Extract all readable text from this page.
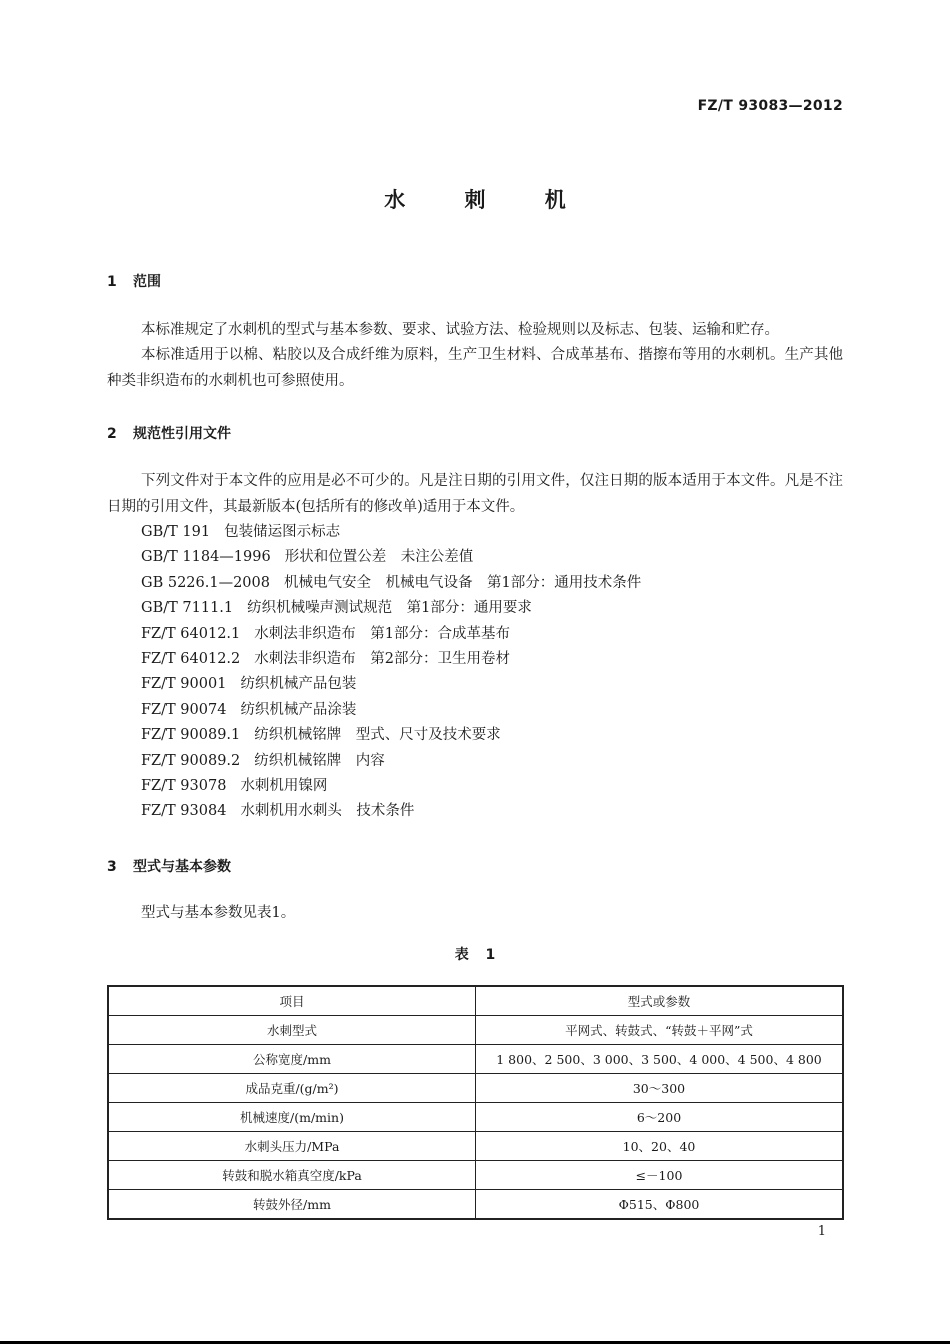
FZ/T 93083—2012
水 刺 机
1 范围
本标准规定了水刺机的型式与基本参数、要求、试验方法、检验规则以及标志、包装、运输和贮存。
本标准适用于以棉、粘胶以及合成纤维为原料，生产卫生材料、合成革基布、揩擦布等用的水刺机。生产其他种类非织造布的水刺机也可参照使用。
2 规范性引用文件
下列文件对于本文件的应用是必不可少的。凡是注日期的引用文件，仅注日期的版本适用于本文件。凡是不注日期的引用文件，其最新版本(包括所有的修改单)适用于本文件。
GB/T 191 包装储运图示标志
GB/T 1184—1996 形状和位置公差　未注公差值
GB 5226.1—2008 机械电气安全　机械电气设备　第1部分：通用技术条件
GB/T 7111.1 纺织机械噪声测试规范　第1部分：通用要求
FZ/T 64012.1 水刺法非织造布　第1部分：合成革基布
FZ/T 64012.2 水刺法非织造布　第2部分：卫生用卷材
FZ/T 90001 纺织机械产品包装
FZ/T 90074 纺织机械产品涂装
FZ/T 90089.1 纺织机械铭牌　型式、尺寸及技术要求
FZ/T 90089.2 纺织机械铭牌　内容
FZ/T 93078 水刺机用镍网
FZ/T 93084 水刺机用水刺头　技术条件
3 型式与基本参数
型式与基本参数见表1。
表 1
项目	型式或参数
水刺型式	平网式、转鼓式、“转鼓＋平网”式
公称宽度/mm	1 800、2 500、3 000、3 500、4 000、4 500、4 800
成品克重/(g/m²)	30～300
机械速度/(m/min)	6～200
水刺头压力/MPa	10、20、40
转鼓和脱水箱真空度/kPa	≤－100
转鼓外径/mm	Φ515、Φ800
1
